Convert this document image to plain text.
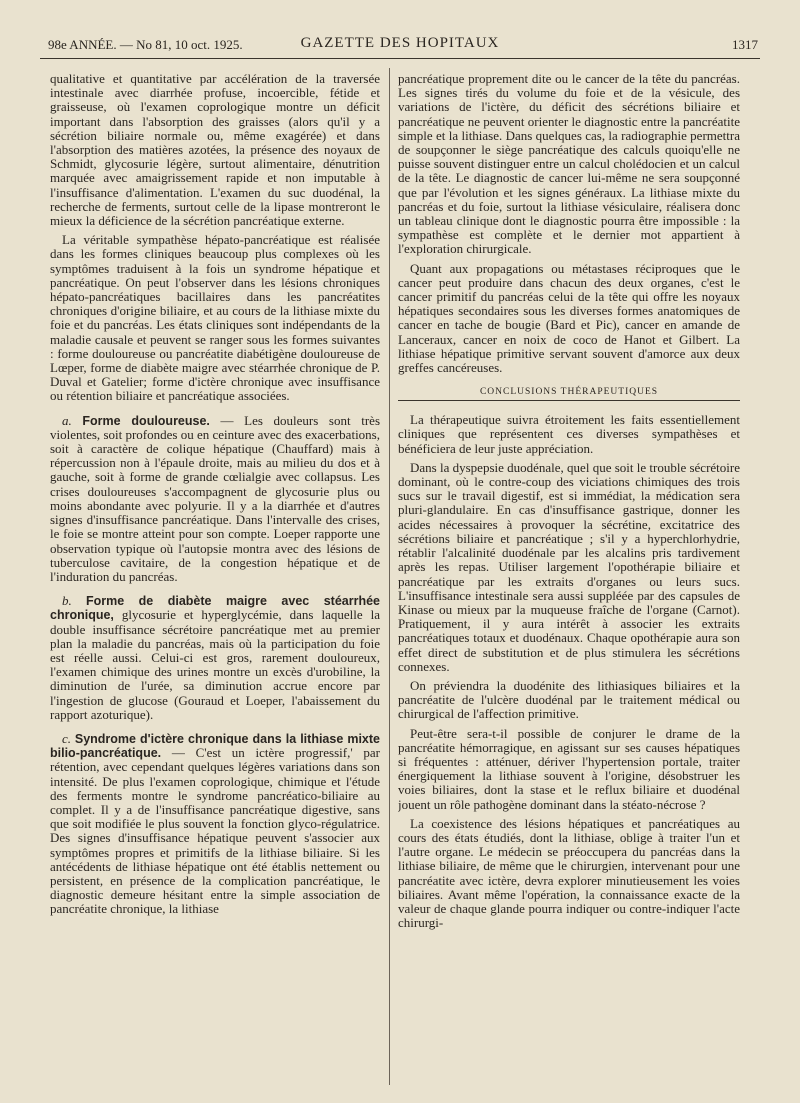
98e ANNÉE. — No 81, 10 oct. 1925.	GAZETTE DES HOPITAUX	1317

qualitative et quantitative par accélération de la traversée intestinale avec diarrhée profuse, incoercible, fétide et graisseuse, où l'examen coprologique montre un déficit important dans l'absorption des graisses (alors qu'il y a sécrétion biliaire normale ou, même exagérée) et dans l'absorption des matières azotées, la présence des noyaux de Schmidt, glycosurie légère, surtout alimentaire, dénutrition marquée avec amaigrissement rapide et non imputable à l'insuffisance d'alimentation. L'examen du suc duodénal, la recherche de ferments, surtout celle de la lipase montreront le mieux la déficience de la sécrétion pancréatique externe.

La véritable sympathèse hépato-pancréatique est réalisée dans les formes cliniques beaucoup plus complexes où les symptômes traduisent à la fois un syndrome hépatique et pancréatique. On peut l'observer dans les lésions chroniques hépato-pancréatiques bacillaires dans les pancréatites chroniques d'origine biliaire, et au cours de la lithiase mixte du foie et du pancréas. Les états cliniques sont indépendants de la maladie causale et peuvent se ranger sous les formes suivantes : forme douloureuse ou pancréatite diabétigène douloureuse de Lœper, forme de diabète maigre avec stéarrhée chronique de P. Duval et Gatelier; forme d'ictère chronique avec insuffisance ou rétention biliaire et pancréatique associées.

a. Forme douloureuse. — Les douleurs sont très violentes, soit profondes ou en ceinture avec des exacerbations, soit à caractère de colique hépatique (Chauffard) mais à répercussion non à l'épaule droite, mais au milieu du dos et à gauche, soit à forme de grande cœlialgie avec collapsus. Les crises douloureuses s'accompagnent de glycosurie plus ou moins abondante avec polyurie. Il y a la diarrhée et d'autres signes d'insuffisance pancréatique. Dans l'intervalle des crises, le foie se montre atteint pour son compte. Loeper rapporte une observation typique où l'autopsie montra avec des lésions de tuberculose cavitaire, de la congestion hépatique et de l'induration du pancréas.

b. Forme de diabète maigre avec stéarrhée chronique, glycosurie et hyperglycémie, dans laquelle la double insuffisance sécrétoire pancréatique met au premier plan la maladie du pancréas, mais où la participation du foie est réelle aussi. Celui-ci est gros, rarement douloureux, l'examen chimique des urines montre un excès d'urobiline, la diminution de l'urée, sa diminution accrue encore par l'ingestion de glucose (Gouraud et Loeper, l'abaissement du rapport azoturique).

c. Syndrome d'ictère chronique dans la lithiase mixte bilio-pancréatique. — C'est un ictère progressif,' par rétention, avec cependant quelques légères variations dans son intensité. De plus l'examen coprologique, chimique et l'étude des ferments montre le syndrome pancréatico-biliaire au complet. Il y a de l'insuffisance pancréatique digestive, sans que soit modifiée le plus souvent la fonction glyco-régulatrice. Des signes d'insuffisance hépatique peuvent s'associer aux symptômes propres et primitifs de la lithiase biliaire. Si les antécédents de lithiase hépatique ont été établis nettement ou persistent, en présence de la complication pancréatique, le diagnostic demeure hésitant entre la simple association de pancréatite chronique, la lithiase

pancréatique proprement dite ou le cancer de la tête du pancréas. Les signes tirés du volume du foie et de la vésicule, des variations de l'ictère, du déficit des sécrétions biliaire et pancréatique ne peuvent orienter le diagnostic entre la pancréatite simple et la lithiase. Dans quelques cas, la radiographie permettra de soupçonner le siège pancréatique des calculs quoiqu'elle ne puisse souvent distinguer entre un calcul cholédocien et un calcul de la tête. Le diagnostic de cancer lui-même ne sera soupçonné que par l'évolution et les signes généraux. La lithiase mixte du pancréas et du foie, surtout la lithiase vésiculaire, réalisera donc un tableau clinique dont le diagnostic pourra être impossible : la sympathèse est complète et le dernier mot appartient à l'exploration chirurgicale.

Quant aux propagations ou métastases réciproques que le cancer peut produire dans chacun des deux organes, c'est le cancer primitif du pancréas celui de la tête qui offre les noyaux hépatiques secondaires sous les diverses formes anatomiques de cancer en tache de bougie (Bard et Pic), cancer en amande de Lanceraux, cancer en noix de coco de Hanot et Gilbert. La lithiase hépatique primitive servant souvent d'amorce aux deux greffes cancéreuses.

CONCLUSIONS THÉRAPEUTIQUES

La thérapeutique suivra étroitement les faits essentiellement cliniques que représentent ces diverses sympathèses et bénéficiera de leur juste appréciation.

Dans la dyspepsie duodénale, quel que soit le trouble sécrétoire dominant, où le contre-coup des viciations chimiques des trois sucs sur le travail digestif, est si immédiat, la médication sera pluri-glandulaire. En cas d'insuffisance gastrique, donner les acides nécessaires à provoquer la sécrétine, excitatrice des sécrétions biliaire et pancréatique ; s'il y a hyperchlorhydrie, rétablir l'alcalinité duodénale par les alcalins pris tardivement après les repas. Utiliser largement l'opothérapie biliaire et pancréatique par les extraits d'organes ou leurs sucs. L'insuffisance intestinale sera aussi suppléée par des capsules de Kinase ou mieux par la muqueuse fraîche de l'organe (Carnot). Pratiquement, il y aura intérêt à associer les extraits pancréatiques totaux et duodénaux. Chaque opothérapie aura son effet direct de substitution et de plus stimulera les sécrétions connexes.

On préviendra la duodénite des lithiasiques biliaires et la pancréatite de l'ulcère duodénal par le traitement médical ou chirurgical de l'affection primitive.

Peut-être sera-t-il possible de conjurer le drame de la pancréatite hémorragique, en agissant sur ses causes hépatiques si fréquentes : atténuer, dériver l'hypertension portale, traiter énergiquement la lithiase souvent à l'origine, désobstruer les voies biliaires, dont la stase et le reflux biliaire et duodénal jouent un rôle pathogène dominant dans la stéato-nécrose ?

La coexistence des lésions hépatiques et pancréatiques au cours des états étudiés, dont la lithiase, oblige à traiter l'un et l'autre organe. Le médecin se préoccupera du pancréas dans la lithiase biliaire, de même que le chirurgien, intervenant pour une pancréatite avec ictère, devra explorer minutieusement les voies biliaires. Avant même l'opération, la connaissance exacte de la valeur de chaque glande pourra indiquer ou contre-indiquer l'acte chirurgi-
